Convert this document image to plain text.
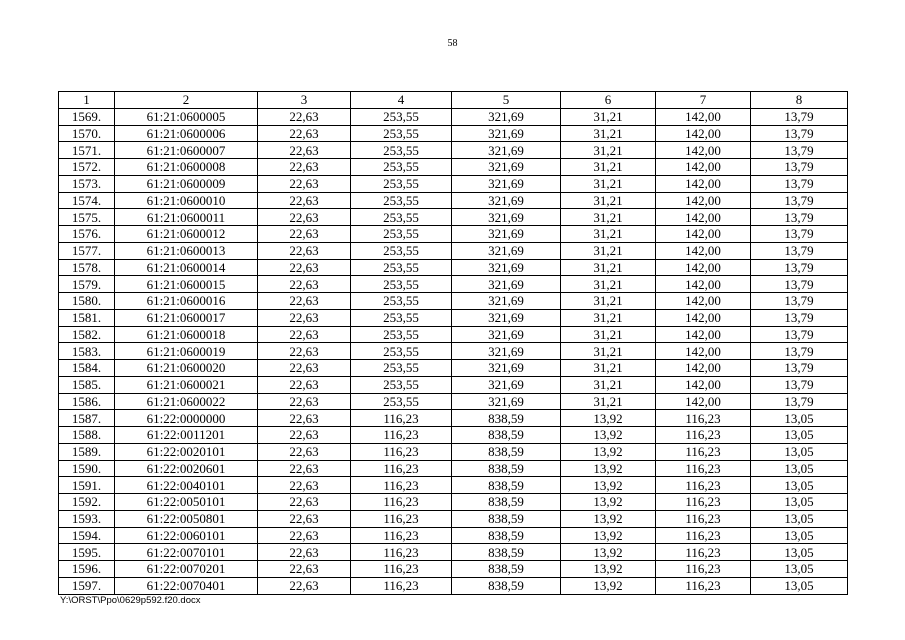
58
1	2	3	4	5	6	7	8
1569.	61:21:0600005	22,63	253,55	321,69	31,21	142,00	13,79
1570.	61:21:0600006	22,63	253,55	321,69	31,21	142,00	13,79
1571.	61:21:0600007	22,63	253,55	321,69	31,21	142,00	13,79
1572.	61:21:0600008	22,63	253,55	321,69	31,21	142,00	13,79
1573.	61:21:0600009	22,63	253,55	321,69	31,21	142,00	13,79
1574.	61:21:0600010	22,63	253,55	321,69	31,21	142,00	13,79
1575.	61:21:0600011	22,63	253,55	321,69	31,21	142,00	13,79
1576.	61:21:0600012	22,63	253,55	321,69	31,21	142,00	13,79
1577.	61:21:0600013	22,63	253,55	321,69	31,21	142,00	13,79
1578.	61:21:0600014	22,63	253,55	321,69	31,21	142,00	13,79
1579.	61:21:0600015	22,63	253,55	321,69	31,21	142,00	13,79
1580.	61:21:0600016	22,63	253,55	321,69	31,21	142,00	13,79
1581.	61:21:0600017	22,63	253,55	321,69	31,21	142,00	13,79
1582.	61:21:0600018	22,63	253,55	321,69	31,21	142,00	13,79
1583.	61:21:0600019	22,63	253,55	321,69	31,21	142,00	13,79
1584.	61:21:0600020	22,63	253,55	321,69	31,21	142,00	13,79
1585.	61:21:0600021	22,63	253,55	321,69	31,21	142,00	13,79
1586.	61:21:0600022	22,63	253,55	321,69	31,21	142,00	13,79
1587.	61:22:0000000	22,63	116,23	838,59	13,92	116,23	13,05
1588.	61:22:0011201	22,63	116,23	838,59	13,92	116,23	13,05
1589.	61:22:0020101	22,63	116,23	838,59	13,92	116,23	13,05
1590.	61:22:0020601	22,63	116,23	838,59	13,92	116,23	13,05
1591.	61:22:0040101	22,63	116,23	838,59	13,92	116,23	13,05
1592.	61:22:0050101	22,63	116,23	838,59	13,92	116,23	13,05
1593.	61:22:0050801	22,63	116,23	838,59	13,92	116,23	13,05
1594.	61:22:0060101	22,63	116,23	838,59	13,92	116,23	13,05
1595.	61:22:0070101	22,63	116,23	838,59	13,92	116,23	13,05
1596.	61:22:0070201	22,63	116,23	838,59	13,92	116,23	13,05
1597.	61:22:0070401	22,63	116,23	838,59	13,92	116,23	13,05
Y:\ORST\Ppo\0629p592.f20.docx
